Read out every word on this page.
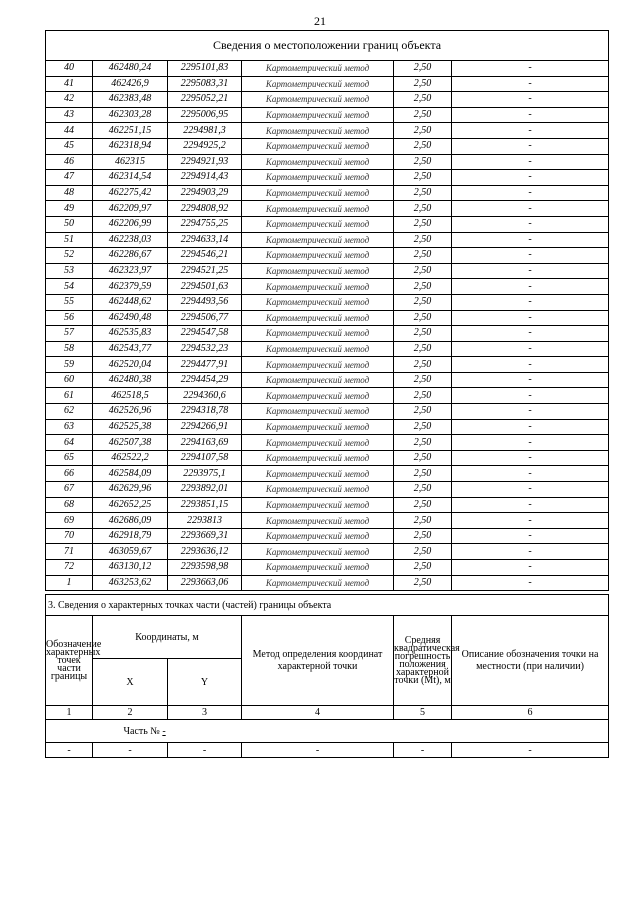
21
Сведения о местоположении границ объекта					
40	462480,24	2295101,83	Картометрический метод	2,50	-
41	462426,9	2295083,31	Картометрический метод	2,50	-
42	462383,48	2295052,21	Картометрический метод	2,50	-
43	462303,28	2295006,95	Картометрический метод	2,50	-
44	462251,15	2294981,3	Картометрический метод	2,50	-
45	462318,94	2294925,2	Картометрический метод	2,50	-
46	462315	2294921,93	Картометрический метод	2,50	-
47	462314,54	2294914,43	Картометрический метод	2,50	-
48	462275,42	2294903,29	Картометрический метод	2,50	-
49	462209,97	2294808,92	Картометрический метод	2,50	-
50	462206,99	2294755,25	Картометрический метод	2,50	-
51	462238,03	2294633,14	Картометрический метод	2,50	-
52	462286,67	2294546,21	Картометрический метод	2,50	-
53	462323,97	2294521,25	Картометрический метод	2,50	-
54	462379,59	2294501,63	Картометрический метод	2,50	-
55	462448,62	2294493,56	Картометрический метод	2,50	-
56	462490,48	2294506,77	Картометрический метод	2,50	-
57	462535,83	2294547,58	Картометрический метод	2,50	-
58	462543,77	2294532,23	Картометрический метод	2,50	-
59	462520,04	2294477,91	Картометрический метод	2,50	-
60	462480,38	2294454,29	Картометрический метод	2,50	-
61	462518,5	2294360,6	Картометрический метод	2,50	-
62	462526,96	2294318,78	Картометрический метод	2,50	-
63	462525,38	2294266,91	Картометрический метод	2,50	-
64	462507,38	2294163,69	Картометрический метод	2,50	-
65	462522,2	2294107,58	Картометрический метод	2,50	-
66	462584,09	2293975,1	Картометрический метод	2,50	-
67	462629,96	2293892,01	Картометрический метод	2,50	-
68	462652,25	2293851,15	Картометрический метод	2,50	-
69	462686,09	2293813	Картометрический метод	2,50	-
70	462918,79	2293669,31	Картометрический метод	2,50	-
71	463059,67	2293636,12	Картометрический метод	2,50	-
72	463130,12	2293598,98	Картометрический метод	2,50	-
1	463253,62	2293663,06	Картометрический метод	2,50	-
3. Сведения о характерных точках части (частей) границы объекта					
Обозначение характерных точек части границы	Координаты, м		Метод определения координат характерной точки	Средняя квадратическая погрешность положения характерной точки (Mt), м	Описание обозначения точки на местности (при наличии)
	X	Y			
1	2	3	4	5	6
Часть № -					
-	-	-	-	-	-
